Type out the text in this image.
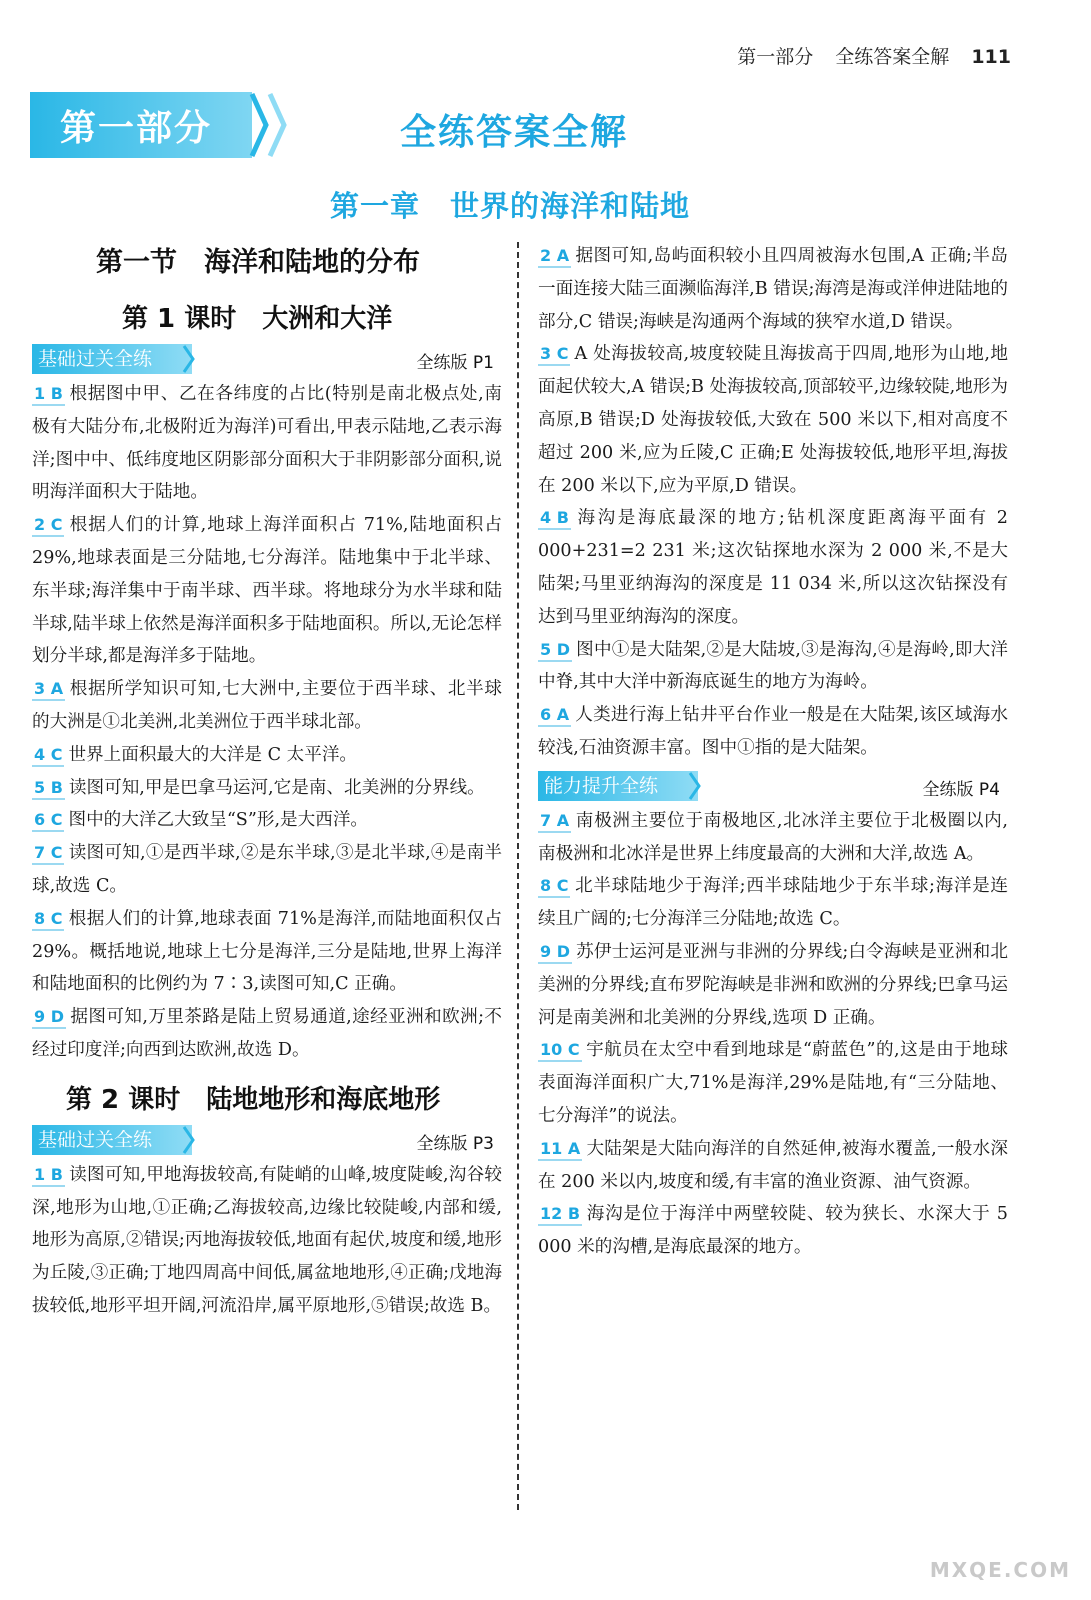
第一部分 全练答案全解 111
第一部分	全练答案全解
第一章　世界的海洋和陆地
第一节　海洋和陆地的分布
第 1 课时　大洲和大洋
基础过关全练	全练版 P1
1 B 根据图中甲、乙在各纬度的占比(特别是南北极点处,南极有大陆分布,北极附近为海洋)可看出,甲表示陆地,乙表示海洋;图中中、低纬度地区阴影部分面积大于非阴影部分面积,说明海洋面积大于陆地。
2 C 根据人们的计算,地球上海洋面积占 71%,陆地面积占 29%,地球表面是三分陆地,七分海洋。陆地集中于北半球、东半球;海洋集中于南半球、西半球。将地球分为水半球和陆半球,陆半球上依然是海洋面积多于陆地面积。所以,无论怎样划分半球,都是海洋多于陆地。
3 A 根据所学知识可知,七大洲中,主要位于西半球、北半球的大洲是①北美洲,北美洲位于西半球北部。
4 C 世界上面积最大的大洋是 C 太平洋。
5 B 读图可知,甲是巴拿马运河,它是南、北美洲的分界线。
6 C 图中的大洋乙大致呈“S”形,是大西洋。
7 C 读图可知,①是西半球,②是东半球,③是北半球,④是南半球,故选 C。
8 C 根据人们的计算,地球表面 71%是海洋,而陆地面积仅占 29%。概括地说,地球上七分是海洋,三分是陆地,世界上海洋和陆地面积的比例约为 7∶3,读图可知,C 正确。
9 D 据图可知,万里茶路是陆上贸易通道,途经亚洲和欧洲;不经过印度洋;向西到达欧洲,故选 D。
第 2 课时　陆地地形和海底地形
基础过关全练	全练版 P3
1 B 读图可知,甲地海拔较高,有陡峭的山峰,坡度陡峻,沟谷较深,地形为山地,①正确;乙海拔较高,边缘比较陡峻,内部和缓,地形为高原,②错误;丙地海拔较低,地面有起伏,坡度和缓,地形为丘陵,③正确;丁地四周高中间低,属盆地地形,④正确;戊地海拔较低,地形平坦开阔,河流沿岸,属平原地形,⑤错误;故选 B。
2 A 据图可知,岛屿面积较小且四周被海水包围,A 正确;半岛一面连接大陆三面濒临海洋,B 错误;海湾是海或洋伸进陆地的部分,C 错误;海峡是沟通两个海域的狭窄水道,D 错误。
3 C A 处海拔较高,坡度较陡且海拔高于四周,地形为山地,地面起伏较大,A 错误;B 处海拔较高,顶部较平,边缘较陡,地形为高原,B 错误;D 处海拔较低,大致在 500 米以下,相对高度不超过 200 米,应为丘陵,C 正确;E 处海拔较低,地形平坦,海拔在 200 米以下,应为平原,D 错误。
4 B 海沟是海底最深的地方;钻机深度距离海平面有 2 000+231=2 231 米;这次钻探地水深为 2 000 米,不是大陆架;马里亚纳海沟的深度是 11 034 米,所以这次钻探没有达到马里亚纳海沟的深度。
5 D 图中①是大陆架,②是大陆坡,③是海沟,④是海岭,即大洋中脊,其中大洋中新海底诞生的地方为海岭。
6 A 人类进行海上钻井平台作业一般是在大陆架,该区域海水较浅,石油资源丰富。图中①指的是大陆架。
能力提升全练	全练版 P4
7 A 南极洲主要位于南极地区,北冰洋主要位于北极圈以内,南极洲和北冰洋是世界上纬度最高的大洲和大洋,故选 A。
8 C 北半球陆地少于海洋;西半球陆地少于东半球;海洋是连续且广阔的;七分海洋三分陆地;故选 C。
9 D 苏伊士运河是亚洲与非洲的分界线;白令海峡是亚洲和北美洲的分界线;直布罗陀海峡是非洲和欧洲的分界线;巴拿马运河是南美洲和北美洲的分界线,选项 D 正确。
10 C 宇航员在太空中看到地球是“蔚蓝色”的,这是由于地球表面海洋面积广大,71%是海洋,29%是陆地,有“三分陆地、七分海洋”的说法。
11 A 大陆架是大陆向海洋的自然延伸,被海水覆盖,一般水深在 200 米以内,坡度和缓,有丰富的渔业资源、油气资源。
12 B 海沟是位于海洋中两壁较陡、较为狭长、水深大于 5 000 米的沟槽,是海底最深的地方。
MXQE.COM
